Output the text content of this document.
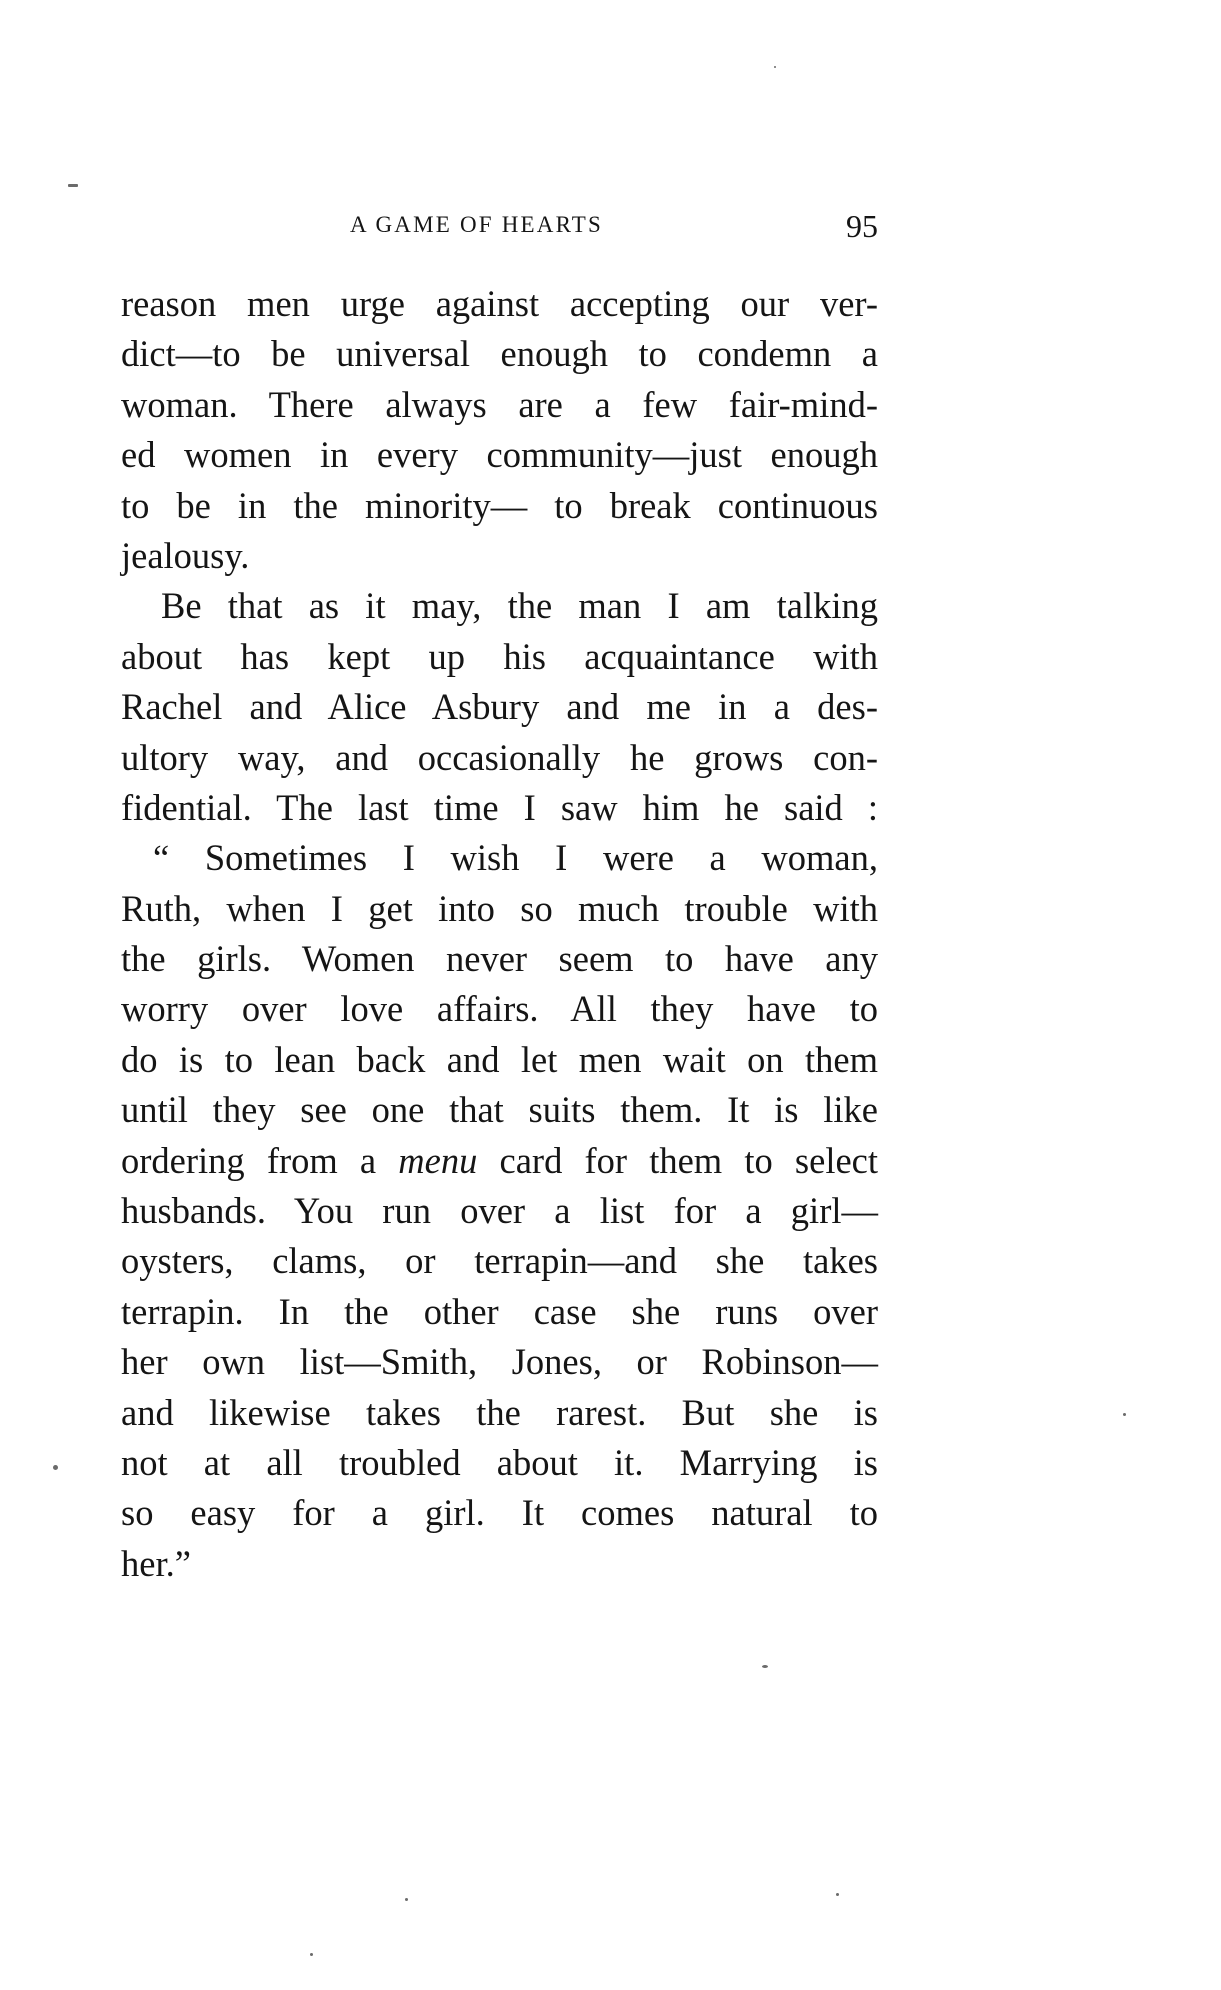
A GAME OF HEARTS	95
reason men urge against accepting our ver-
dict—to be universal enough to condemn a
woman. There always are a few fair-mind-
ed women in every community—just enough
to be in the minority— to break continuous
jealousy.
Be that as it may, the man I am talking
about has kept up his acquaintance with
Rachel and Alice Asbury and me in a des-
ultory way, and occasionally he grows con-
fidential. The last time I saw him he said :
“ Sometimes I wish I were a woman,
Ruth, when I get into so much trouble with
the girls. Women never seem to have any
worry over love affairs. All they have to
do is to lean back and let men wait on them
until they see one that suits them. It is like
ordering from a menu card for them to select
husbands. You run over a list for a girl—
oysters, clams, or terrapin—and she takes
terrapin. In the other case she runs over
her own list—Smith, Jones, or Robinson—
and likewise takes the rarest. But she is
not at all troubled about it. Marrying is
so easy for a girl. It comes natural to
her.”
